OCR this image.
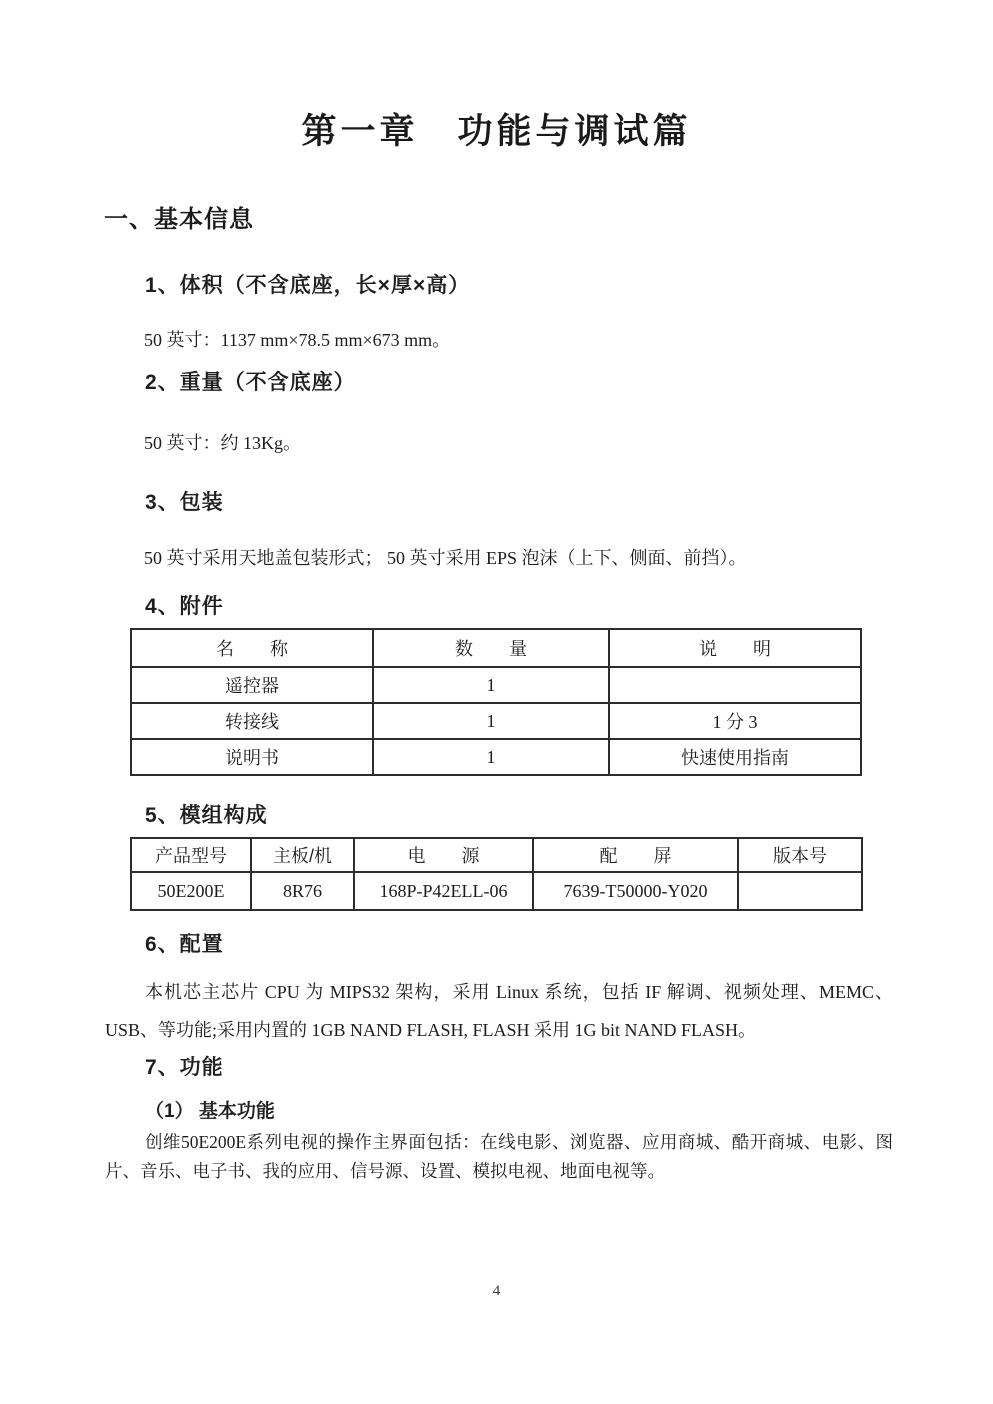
第一章　功能与调试篇
一、基本信息
1、体积（不含底座，长×厚×高）
50 英寸：1137 mm×78.5 mm×673 mm。
2、重量（不含底座）
50 英寸：约 13Kg。
3、包装
50 英寸采用天地盖包装形式； 50 英寸采用 EPS 泡沫（上下、侧面、前挡）。
4、附件
名　　称	数　　量	说　　明
遥控器	1	
转接线	1	1 分 3
说明书	1	快速使用指南
5、模组构成
产品型号	主板/机	电　　源	配　　屏	版本号
50E200E	8R76	168P-P42ELL-06	7639-T50000-Y020	
6、配置
本机芯主芯片 CPU 为 MIPS32 架构，采用 Linux 系统，包括 IF 解调、视频处理、MEMC、USB、等功能;采用内置的 1GB NAND FLASH, FLASH 采用 1G bit NAND FLASH。
7、功能
（1） 基本功能
创维50E200E系列电视的操作主界面包括：在线电影、浏览器、应用商城、酷开商城、电影、图片、音乐、电子书、我的应用、信号源、设置、模拟电视、地面电视等。
4
